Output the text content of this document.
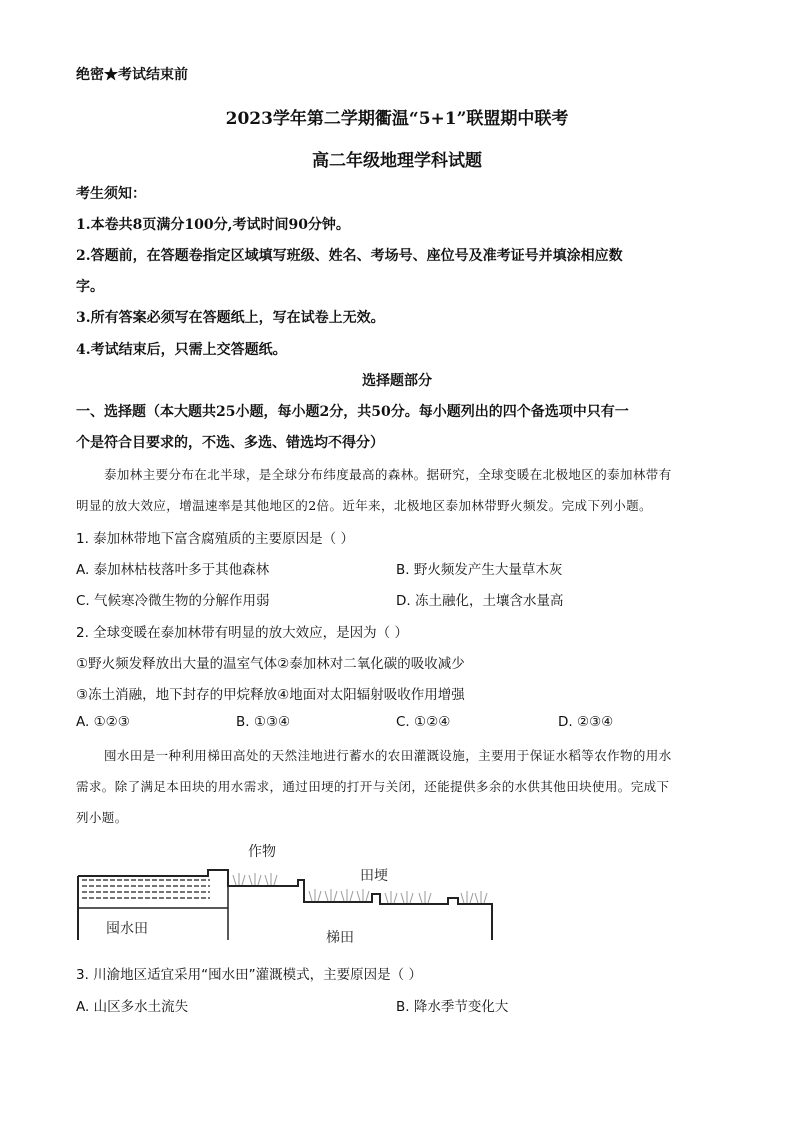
绝密★考试结束前
2023学年第二学期衢温“5+1”联盟期中联考
高二年级地理学科试题
考生须知：
1.本卷共8页满分100分,考试时间90分钟。
2.答题前，在答题卷指定区域填写班级、姓名、考场号、座位号及准考证号并填涂相应数
字。
3.所有答案必须写在答题纸上，写在试卷上无效。
4.考试结束后，只需上交答题纸。
选择题部分
一、选择题（本大题共25小题，每小题2分，共50分。每小题列出的四个备选项中只有一
个是符合目要求的，不选、多选、错选均不得分）
泰加林主要分布在北半球，是全球分布纬度最高的森林。据研究，全球变暖在北极地区的泰加林带有
明显的放大效应，增温速率是其他地区的2倍。近年来，北极地区泰加林带野火频发。完成下列小题。
1. 泰加林带地下富含腐殖质的主要原因是（ ）
A. 泰加林枯枝落叶多于其他森林	B. 野火频发产生大量草木灰
C. 气候寒冷微生物的分解作用弱	D. 冻土融化，土壤含水量高
2. 全球变暖在泰加林带有明显的放大效应，是因为（ ）
①野火频发释放出大量的温室气体②泰加林对二氧化碳的吸收减少
③冻土消融，地下封存的甲烷释放④地面对太阳辐射吸收作用增强
A. ①②③	B. ①③④	C. ①②④	D. ②③④
囤水田是一种利用梯田高处的天然洼地进行蓄水的农田灌溉设施，主要用于保证水稻等农作物的用水
需求。除了满足本田块的用水需求，通过田埂的打开与关闭，还能提供多余的水供其他田块使用。完成下
列小题。
作物
田埂
囤水田
梯田
3. 川渝地区适宜采用“囤水田”灌溉模式，主要原因是（ ）
A. 山区多水土流失	B. 降水季节变化大
